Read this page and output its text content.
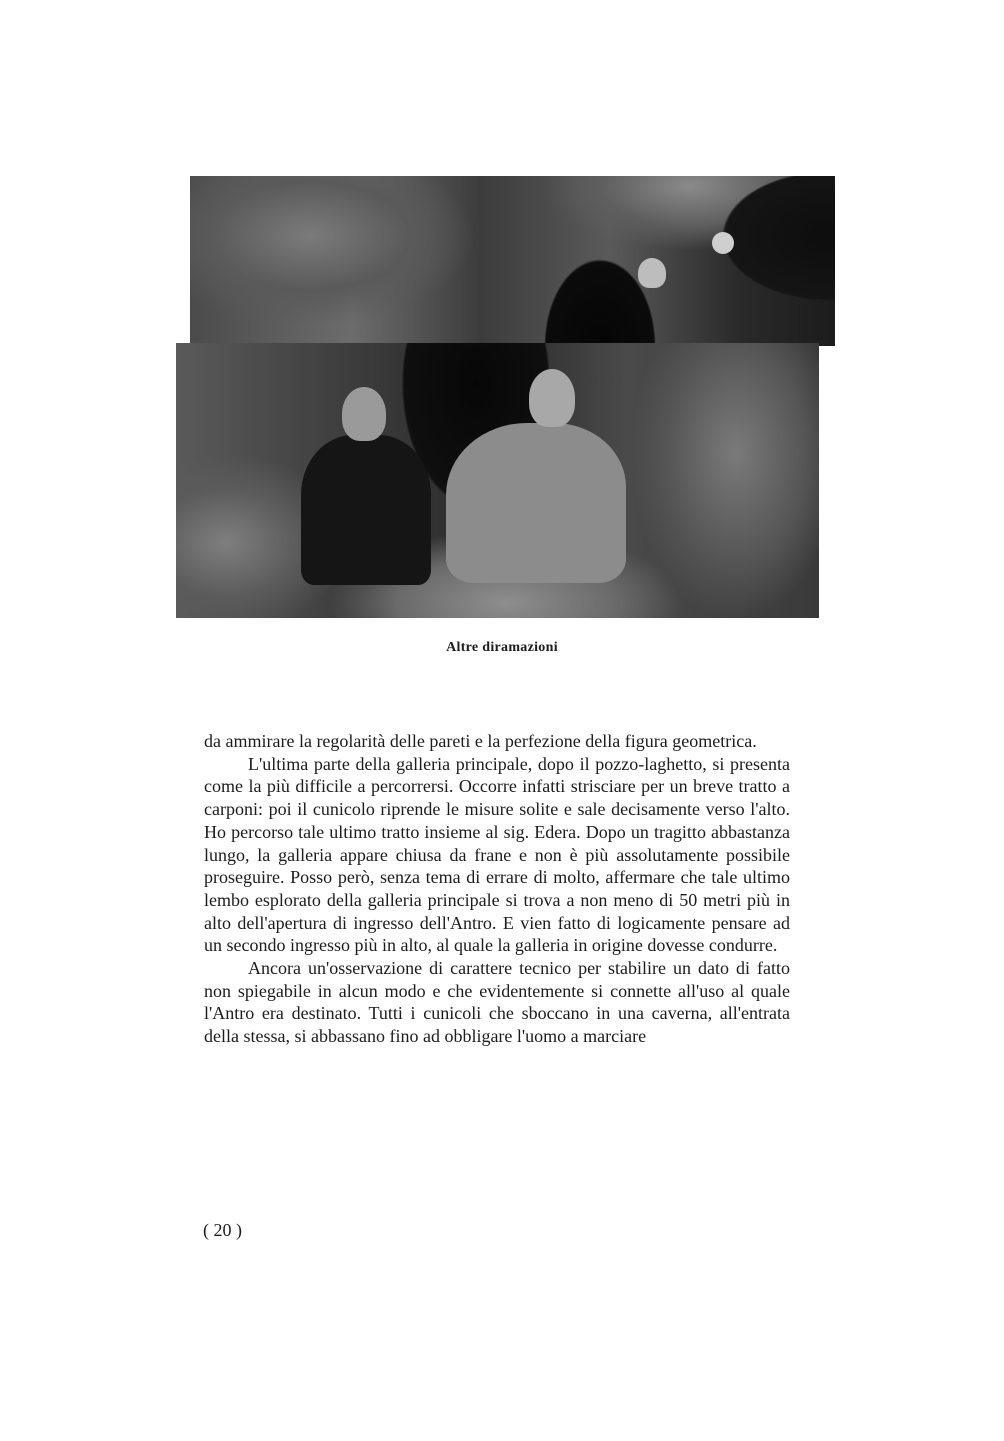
Altre diramazioni

da ammirare la regolarità delle pareti e la perfezione della figura geometrica.

L'ultima parte della galleria principale, dopo il pozzo-laghetto, si presenta come la più difficile a percorrersi. Occorre infatti strisciare per un breve tratto a carponi: poi il cunicolo riprende le misure solite e sale decisamente verso l'alto. Ho percorso tale ultimo tratto insieme al sig. Edera. Dopo un tragitto abbastanza lungo, la galleria appare chiusa da frane e non è più assolutamente possibile proseguire. Posso però, senza tema di errare di molto, affermare che tale ultimo lembo esplorato della galleria principale si trova a non meno di 50 metri più in alto dell'apertura di ingresso dell'Antro. E vien fatto di logicamente pensare ad un secondo ingresso più in alto, al quale la galleria in origine dovesse condurre.

Ancora un'osservazione di carattere tecnico per stabilire un dato di fatto non spiegabile in alcun modo e che evidentemente si connette all'uso al quale l'Antro era destinato. Tutti i cunicoli che sboccano in una caverna, all'entrata della stessa, si abbassano fino ad obbligare l'uomo a marciare

( 20 )
